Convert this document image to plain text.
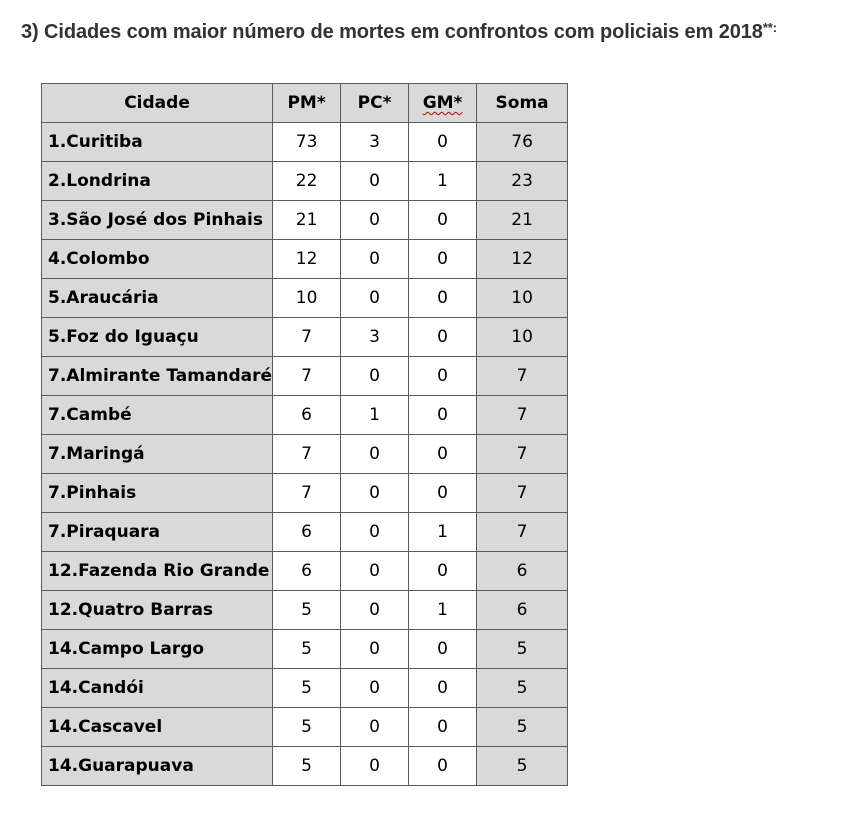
3) Cidades com maior número de mortes em confrontos com policiais em 2018**:
Cidade	PM*	PC*	GM*	Soma
1.Curitiba	73	3	0	76
2.Londrina	22	0	1	23
3.São José dos Pinhais	21	0	0	21
4.Colombo	12	0	0	12
5.Araucária	10	0	0	10
5.Foz do Iguaçu	7	3	0	10
7.Almirante Tamandaré	7	0	0	7
7.Cambé	6	1	0	7
7.Maringá	7	0	0	7
7.Pinhais	7	0	0	7
7.Piraquara	6	0	1	7
12.Fazenda Rio Grande	6	0	0	6
12.Quatro Barras	5	0	1	6
14.Campo Largo	5	0	0	5
14.Candói	5	0	0	5
14.Cascavel	5	0	0	5
14.Guarapuava	5	0	0	5
